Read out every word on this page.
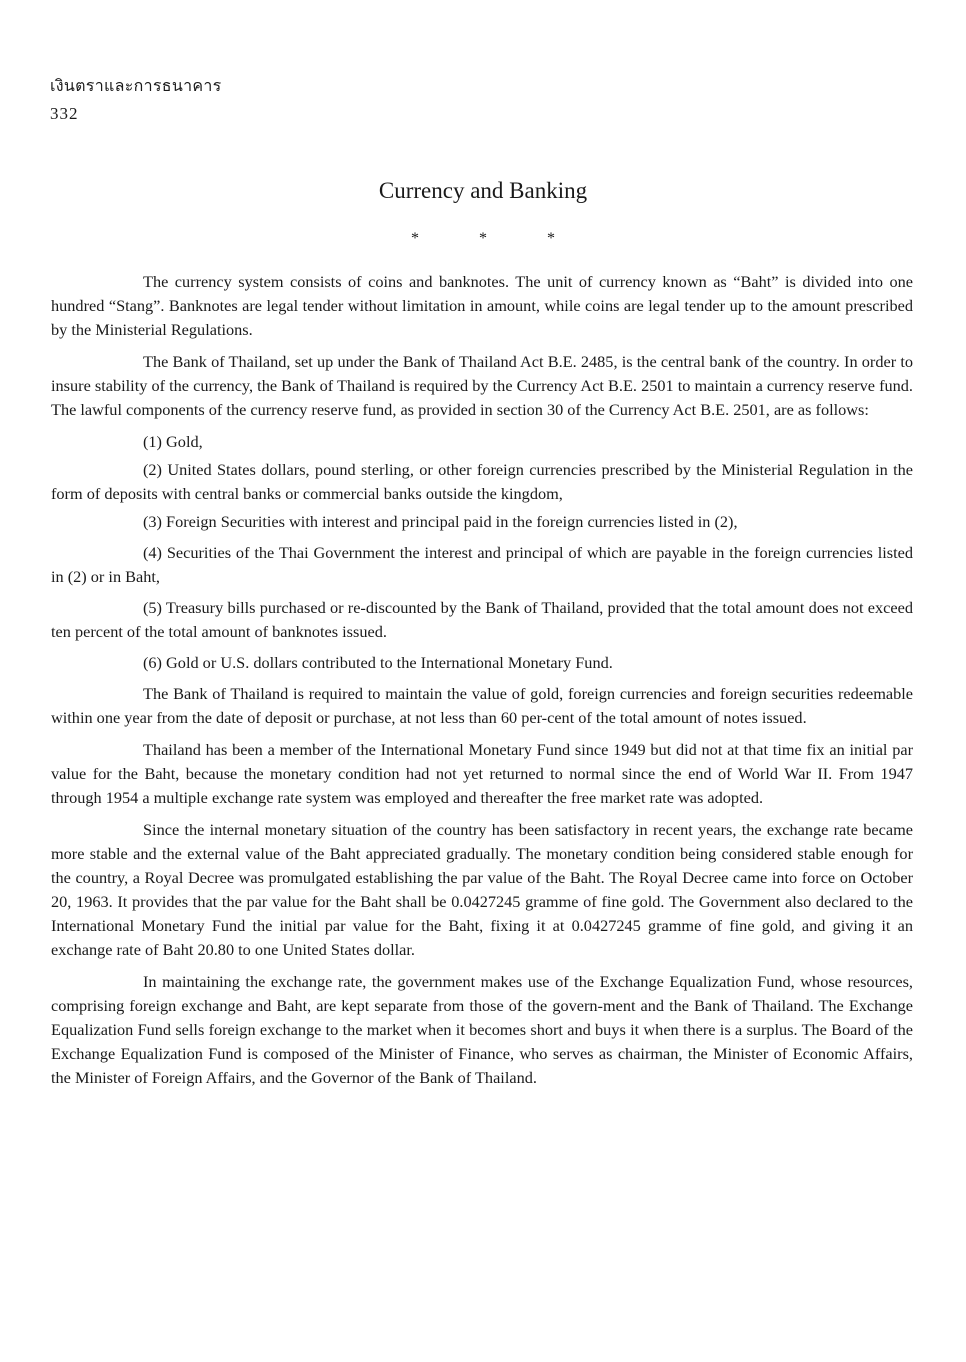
เงินตราและการธนาคาร
332
Currency and Banking
* * *

The currency system consists of coins and banknotes. The unit of currency known as “Baht” is divided into one hundred “Stang”. Banknotes are legal tender without limitation in amount, while coins are legal tender up to the amount prescribed by the Ministerial Regulations.

The Bank of Thailand, set up under the Bank of Thailand Act B.E. 2485, is the central bank of the country. In order to insure stability of the currency, the Bank of Thailand is required by the Currency Act B.E. 2501 to maintain a currency reserve fund. The lawful components of the currency reserve fund, as provided in section 30 of the Currency Act B.E. 2501, are as follows:

(1) Gold,

(2) United States dollars, pound sterling, or other foreign currencies prescribed by the Ministerial Regulation in the form of deposits with central banks or commercial banks outside the kingdom,

(3) Foreign Securities with interest and principal paid in the foreign currencies listed in (2),

(4) Securities of the Thai Government the interest and principal of which are payable in the foreign currencies listed in (2) or in Baht,

(5) Treasury bills purchased or re-discounted by the Bank of Thailand, provided that the total amount does not exceed ten percent of the total amount of banknotes issued.

(6) Gold or U.S. dollars contributed to the International Monetary Fund.

The Bank of Thailand is required to maintain the value of gold, foreign currencies and foreign securities redeemable within one year from the date of deposit or purchase, at not less than 60 per-cent of the total amount of notes issued.

Thailand has been a member of the International Monetary Fund since 1949 but did not at that time fix an initial par value for the Baht, because the monetary condition had not yet returned to normal since the end of World War II. From 1947 through 1954 a multiple exchange rate system was employed and thereafter the free market rate was adopted.

Since the internal monetary situation of the country has been satisfactory in recent years, the exchange rate became more stable and the external value of the Baht appreciated gradually. The monetary condition being considered stable enough for the country, a Royal Decree was promulgated establishing the par value of the Baht. The Royal Decree came into force on October 20, 1963. It provides that the par value for the Baht shall be 0.0427245 gramme of fine gold. The Government also declared to the International Monetary Fund the initial par value for the Baht, fixing it at 0.0427245 gramme of fine gold, and giving it an exchange rate of Baht 20.80 to one United States dollar.

In maintaining the exchange rate, the government makes use of the Exchange Equalization Fund, whose resources, comprising foreign exchange and Baht, are kept separate from those of the govern-ment and the Bank of Thailand. The Exchange Equalization Fund sells foreign exchange to the market when it becomes short and buys it when there is a surplus. The Board of the Exchange Equalization Fund is composed of the Minister of Finance, who serves as chairman, the Minister of Economic Affairs, the Minister of Foreign Affairs, and the Governor of the Bank of Thailand.
